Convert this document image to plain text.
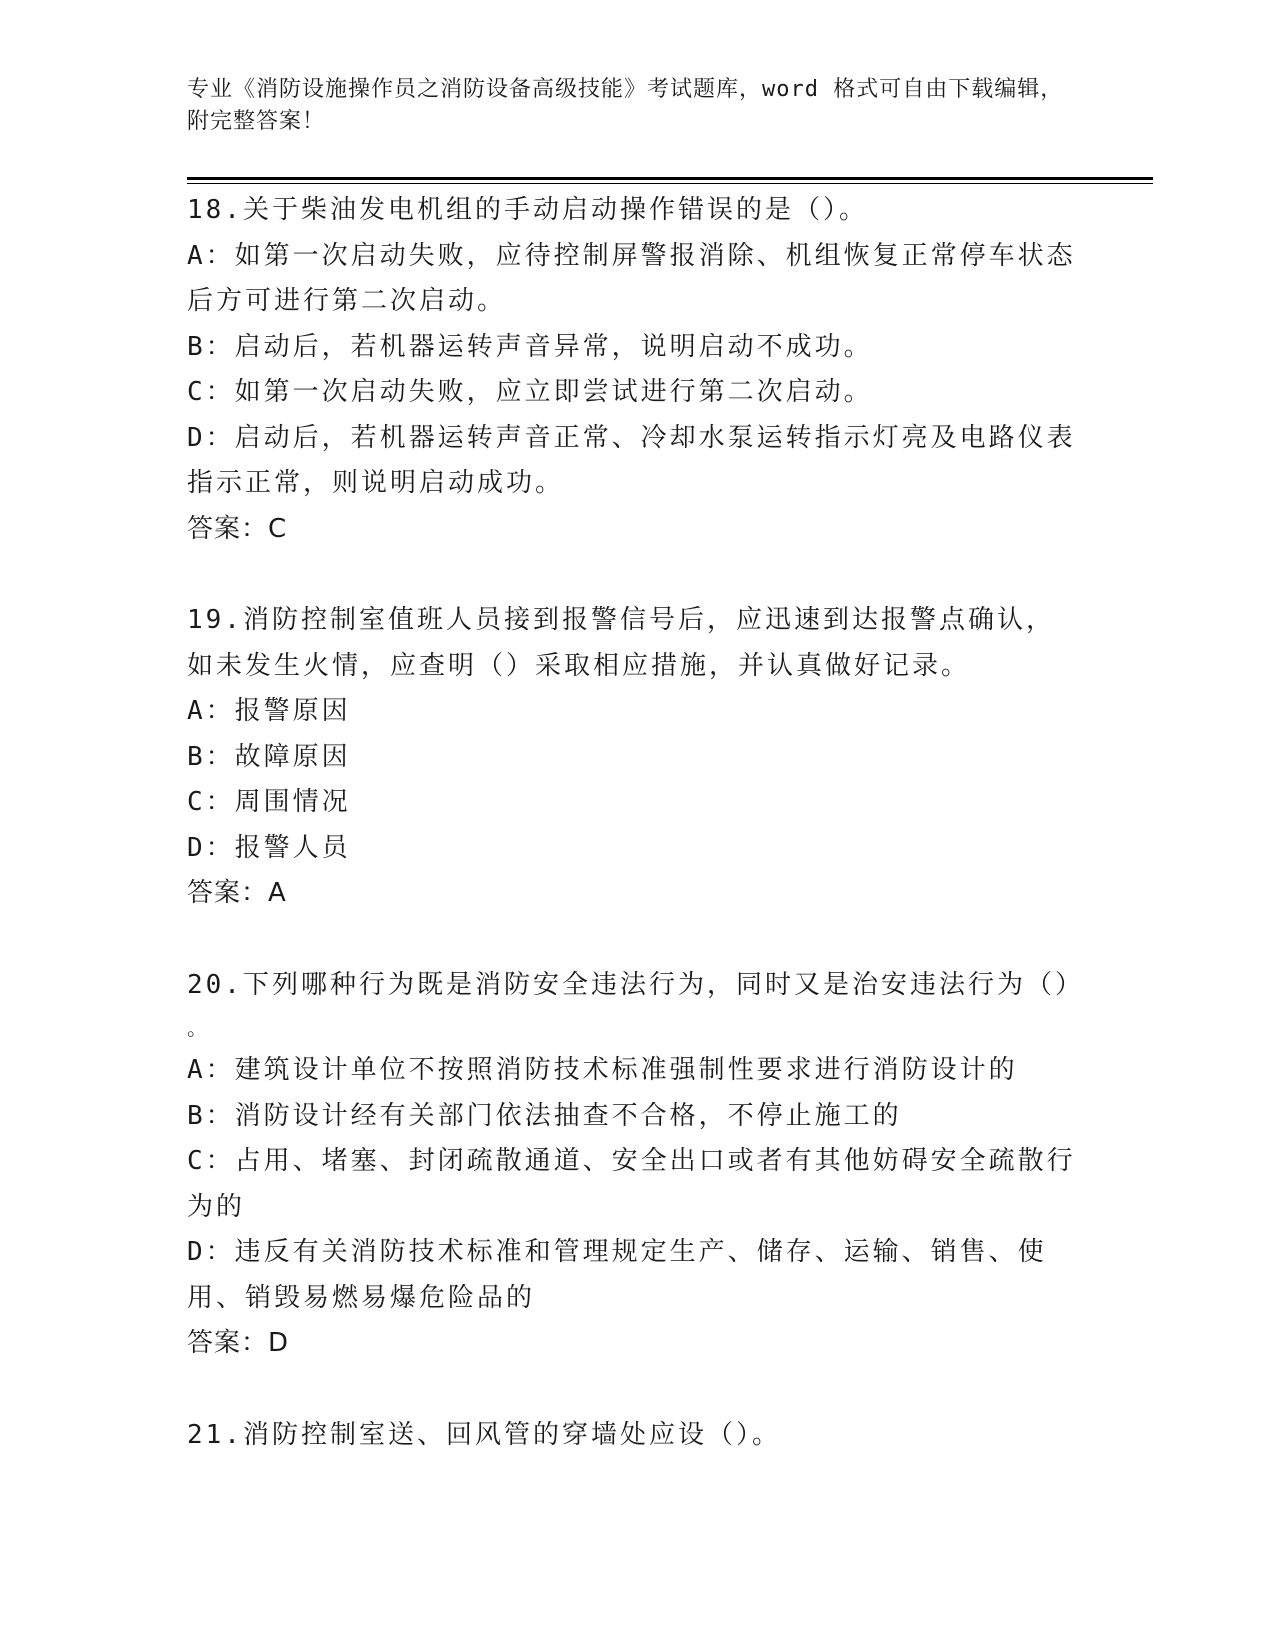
专业《消防设施操作员之消防设备高级技能》考试题库，word 格式可自由下载编辑，附完整答案！
18.关于柴油发电机组的手动启动操作错误的是（）。
A：如第一次启动失败，应待控制屏警报消除、机组恢复正常停车状态后方可进行第二次启动。
B：启动后，若机器运转声音异常，说明启动不成功。
C：如第一次启动失败，应立即尝试进行第二次启动。
D：启动后，若机器运转声音正常、冷却水泵运转指示灯亮及电路仪表指示正常，则说明启动成功。
答案：C
19.消防控制室值班人员接到报警信号后，应迅速到达报警点确认，如未发生火情，应查明（）采取相应措施，并认真做好记录。
A：报警原因
B：故障原因
C：周围情况
D：报警人员
答案：A
20.下列哪种行为既是消防安全违法行为，同时又是治安违法行为（）
。
A：建筑设计单位不按照消防技术标准强制性要求进行消防设计的
B：消防设计经有关部门依法抽查不合格，不停止施工的
C：占用、堵塞、封闭疏散通道、安全出口或者有其他妨碍安全疏散行为的
D：违反有关消防技术标准和管理规定生产、储存、运输、销售、使用、销毁易燃易爆危险品的
答案：D
21.消防控制室送、回风管的穿墙处应设（）。
